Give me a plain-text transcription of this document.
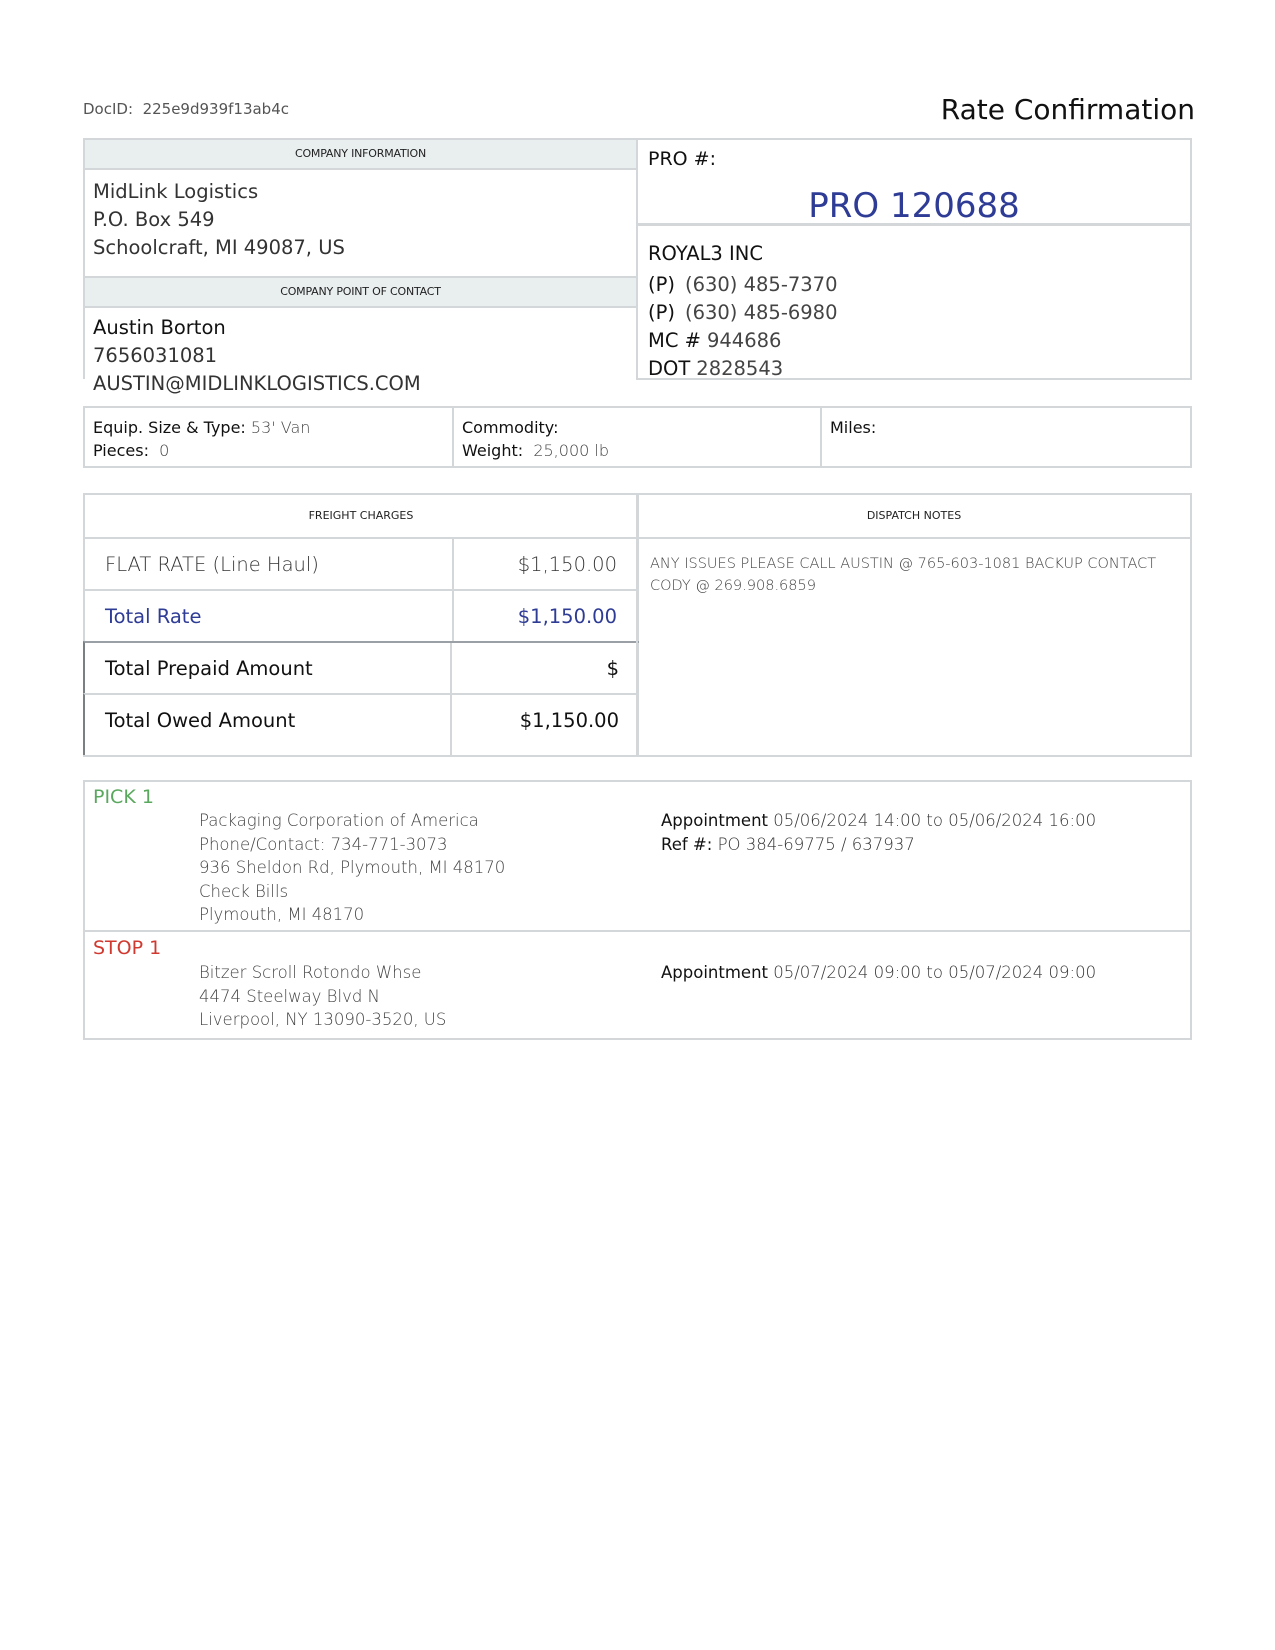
DocID: 225e9d939f13ab4c	Rate Confirmation
COMPANY INFORMATION
MidLink Logistics
P.O. Box 549
Schoolcraft, MI 49087, US
COMPANY POINT OF CONTACT
Austin Borton
7656031081
AUSTIN@MIDLINKLOGISTICS.COM
PRO #:
PRO 120688
ROYAL3 INC
(P) (630) 485-7370
(P) (630) 485-6980
MC # 944686
DOT 2828543
Equip. Size & Type: 53' Van
Pieces: 0
Commodity:
Weight: 25,000 lb
Miles:
FREIGHT CHARGES
FLAT RATE (Line Haul)	$1,150.00
Total Rate	$1,150.00
Total Prepaid Amount	$
Total Owed Amount	$1,150.00
DISPATCH NOTES
ANY ISSUES PLEASE CALL AUSTIN @ 765-603-1081 BACKUP CONTACT CODY @ 269.908.6859
PICK 1
Packaging Corporation of America
Phone/Contact: 734-771-3073
936 Sheldon Rd, Plymouth, MI 48170
Check Bills
Plymouth, MI 48170
Appointment 05/06/2024 14:00 to 05/06/2024 16:00
Ref #: PO 384-69775 / 637937
STOP 1
Bitzer Scroll Rotondo Whse
4474 Steelway Blvd N
Liverpool, NY 13090-3520, US
Appointment 05/07/2024 09:00 to 05/07/2024 09:00
